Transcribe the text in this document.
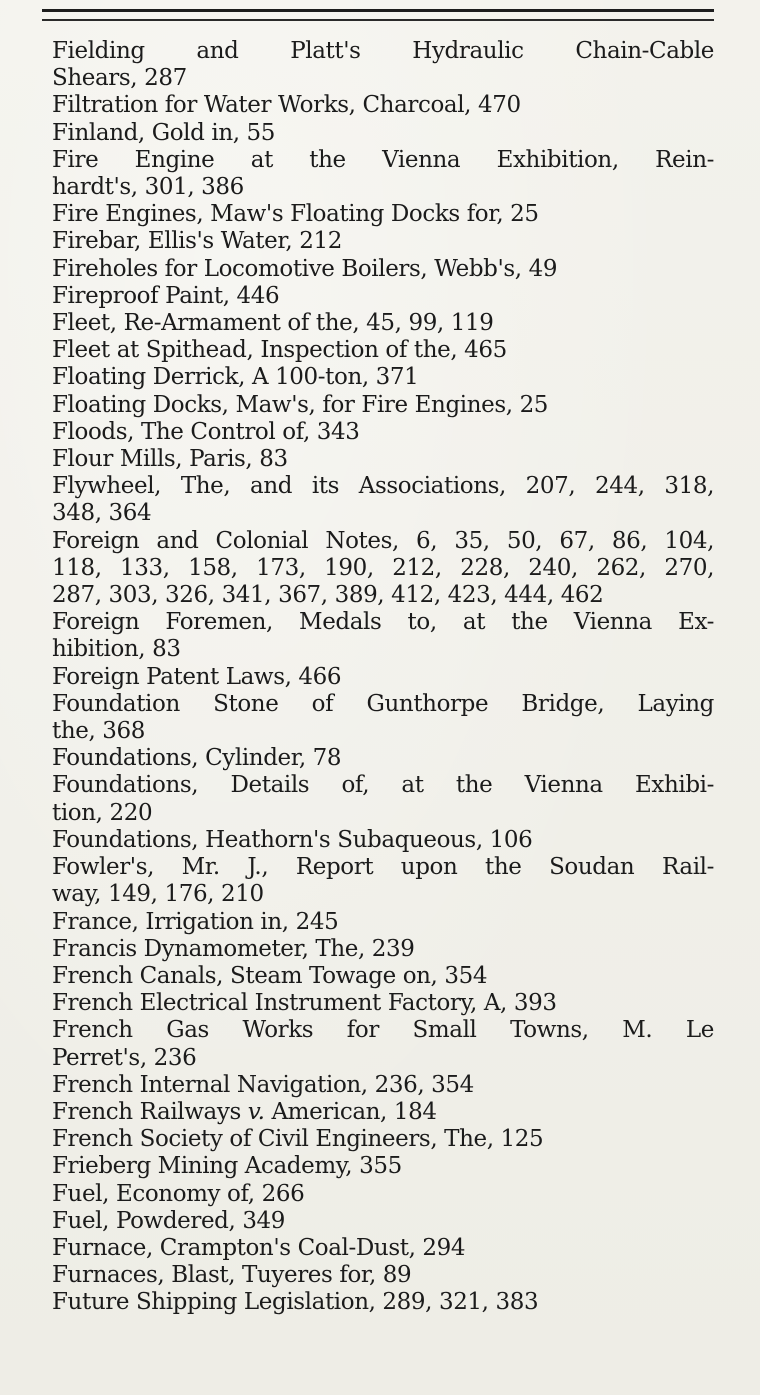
Fielding and Platt's Hydraulic Chain-Cable
Shears, 287
Filtration for Water Works, Charcoal, 470
Finland, Gold in, 55
Fire Engine at the Vienna Exhibition, Rein-
hardt's, 301, 386
Fire Engines, Maw's Floating Docks for, 25
Firebar, Ellis's Water, 212
Fireholes for Locomotive Boilers, Webb's, 49
Fireproof Paint, 446
Fleet, Re-Armament of the, 45, 99, 119
Fleet at Spithead, Inspection of the, 465
Floating Derrick, A 100-ton, 371
Floating Docks, Maw's, for Fire Engines, 25
Floods, The Control of, 343
Flour Mills, Paris, 83
Flywheel, The, and its Associations, 207, 244, 318,
348, 364
Foreign and Colonial Notes, 6, 35, 50, 67, 86, 104,
118, 133, 158, 173, 190, 212, 228, 240, 262, 270,
287, 303, 326, 341, 367, 389, 412, 423, 444, 462
Foreign Foremen, Medals to, at the Vienna Ex-
hibition, 83
Foreign Patent Laws, 466
Foundation Stone of Gunthorpe Bridge, Laying
the, 368
Foundations, Cylinder, 78
Foundations, Details of, at the Vienna Exhibi-
tion, 220
Foundations, Heathorn's Subaqueous, 106
Fowler's, Mr. J., Report upon the Soudan Rail-
way, 149, 176, 210
France, Irrigation in, 245
Francis Dynamometer, The, 239
French Canals, Steam Towage on, 354
French Electrical Instrument Factory, A, 393
French Gas Works for Small Towns, M. Le
Perret's, 236
French Internal Navigation, 236, 354
French Railways v. American, 184
French Society of Civil Engineers, The, 125
Frieberg Mining Academy, 355
Fuel, Economy of, 266
Fuel, Powdered, 349
Furnace, Crampton's Coal-Dust, 294
Furnaces, Blast, Tuyeres for, 89
Future Shipping Legislation, 289, 321, 383
